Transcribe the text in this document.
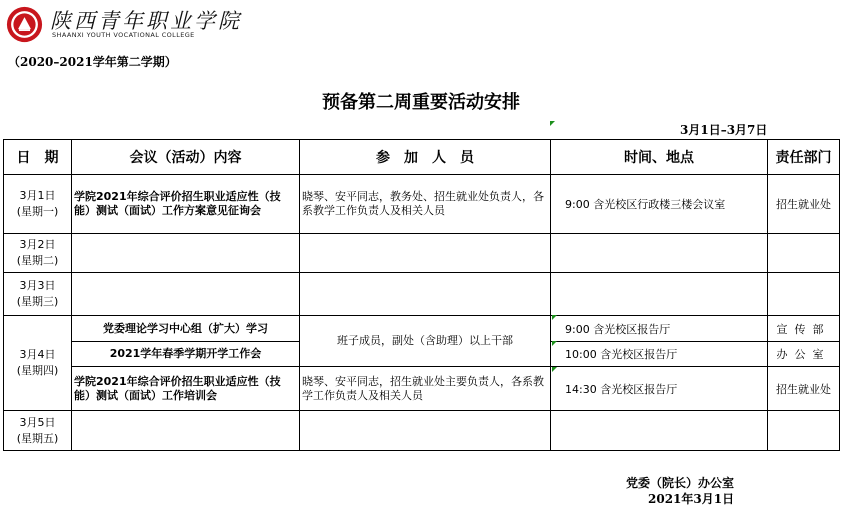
陕西青年职业学院
SHAANXI YOUTH VOCATIONAL COLLEGE
（2020–2021学年第二学期）
预备第二周重要活动安排
3月1日–3月7日
日　期	会议（活动）内容	参　加　人　员	时间、地点	责任部门
3月1日
(星期一)	学院2021年综合评价招生职业适应性（技能）测试（面试）工作方案意见征询会	晓琴、安平同志，教务处、招生就业处负责人，各系教学工作负责人及相关人员	9:00 含光校区行政楼三楼会议室	招生就业处
3月2日
(星期二)				
3月3日
(星期三)				
3月4日
(星期四)	党委理论学习中心组（扩大）学习	班子成员，副处（含助理）以上干部	9:00 含光校区报告厅	宣传部
	2021学年春季学期开学工作会		10:00 含光校区报告厅	办公室
	学院2021年综合评价招生职业适应性（技能）测试（面试）工作培训会	晓琴、安平同志，招生就业处主要负责人，各系教学工作负责人及相关人员	14:30 含光校区报告厅	招生就业处
3月5日
(星期五)				
党委（院长）办公室
2021年3月1日
